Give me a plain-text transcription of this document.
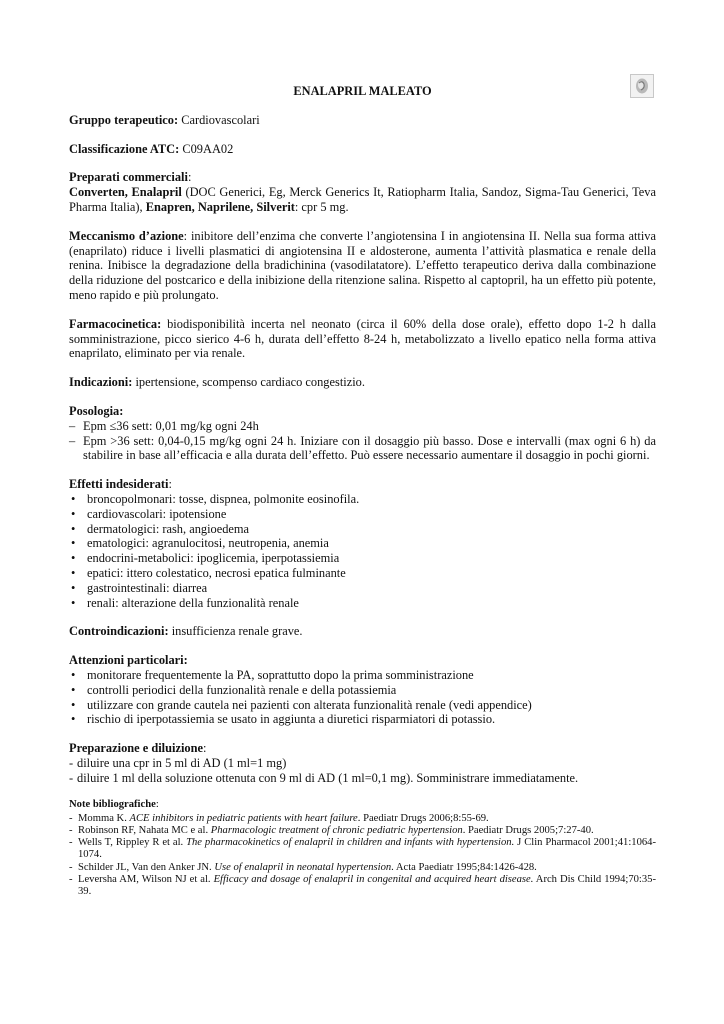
ENALAPRIL MALEATO
Gruppo terapeutico: Cardiovascolari
Classificazione ATC: C09AA02

Preparati commerciali:

Converten, Enalapril (DOC Generici, Eg, Merck Generics It, Ratiopharm Italia, Sandoz, Sigma-Tau Generici, Teva Pharma Italia), Enapren, Naprilene, Silverit: cpr 5 mg.

Meccanismo d’azione: inibitore dell’enzima che converte l’angiotensina I in angiotensina II. Nella sua forma attiva (enaprilato) riduce i livelli plasmatici di angiotensina II e aldosterone, aumenta l’attività plasmatica e renale della renina. Inibisce la degradazione della bradichinina (vasodilatatore). L’effetto terapeutico deriva dalla combinazione della riduzione del postcarico e della inibizione della ritenzione salina. Rispetto al captopril, ha un effetto più potente, meno rapido e più prolungato.
Farmacocinetica: biodisponibilità incerta nel neonato (circa il 60% della dose orale), effetto dopo 1-2 h dalla somministrazione, picco sierico 4-6 h, durata dell’effetto 8-24 h, metabolizzato a livello epatico nella forma attiva enaprilato, eliminato per via renale.
Indicazioni: ipertensione, scompenso cardiaco congestizio.

Posologia:

– Epm ≤36 sett: 0,01 mg/kg ogni 24h
– Epm >36 sett: 0,04-0,15 mg/kg ogni 24 h. Iniziare con il dosaggio più basso. Dose e intervalli (max ogni 6 h) da stabilire in base all’efficacia e alla durata dell’effetto. Può essere necessario aumentare il dosaggio in pochi giorni.

Effetti indesiderati:

• broncopolmonari: tosse, dispnea, polmonite eosinofila.
• cardiovascolari: ipotensione
• dermatologici: rash, angioedema
• ematologici: agranulocitosi, neutropenia, anemia
• endocrini-metabolici: ipoglicemia, iperpotassiemia
• epatici: ittero colestatico, necrosi epatica fulminante
• gastrointestinali: diarrea
• renali: alterazione della funzionalità renale
Controindicazioni: insufficienza renale grave.

Attenzioni particolari:

• monitorare frequentemente la PA, soprattutto dopo la prima somministrazione
• controlli periodici della funzionalità renale e della potassiemia
• utilizzare con grande cautela nei pazienti con alterata funzionalità renale (vedi appendice)
• rischio di iperpotassiemia se usato in aggiunta a diuretici risparmiatori di potassio.

Preparazione e diluizione:

- diluire una cpr in 5 ml di AD (1 ml=1 mg)
- diluire 1 ml della soluzione ottenuta con 9 ml di AD (1 ml=0,1 mg). Somministrare immediatamente.

Note bibliografiche:

- Momma K. ACE inhibitors in pediatric patients with heart failure. Paediatr Drugs 2006;8:55-69.
- Robinson RF, Nahata MC e al. Pharmacologic treatment of chronic pediatric hypertension. Paediatr Drugs 2005;7:27-40.
- Wells T, Rippley R et al. The pharmacokinetics of enalapril in children and infants with hypertension. J Clin Pharmacol 2001;41:1064-1074.
- Schilder JL, Van den Anker JN. Use of enalapril in neonatal hypertension. Acta Paediatr 1995;84:1426-428.
- Leversha AM, Wilson NJ et al. Efficacy and dosage of enalapril in congenital and acquired heart disease. Arch Dis Child 1994;70:35-39.
